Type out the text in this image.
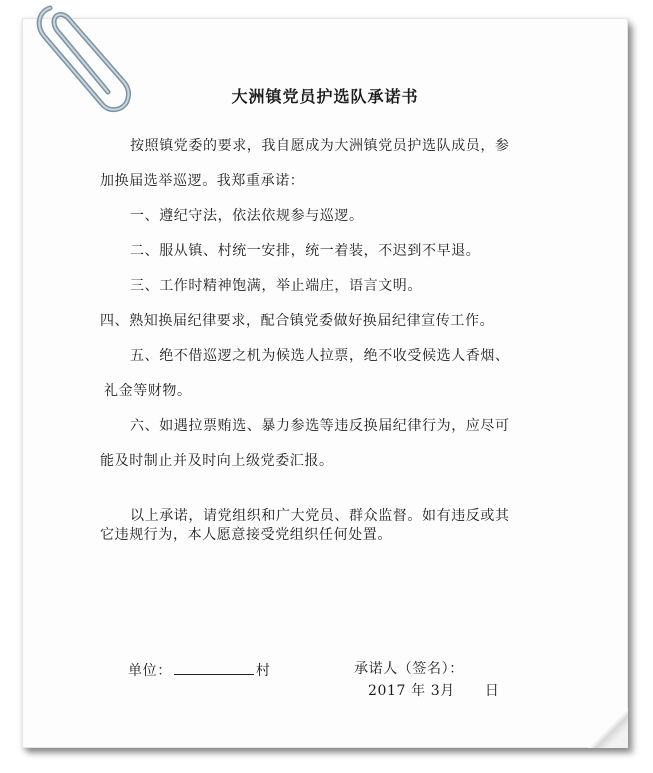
大洲镇党员护选队承诺书
按照镇党委的要求，我自愿成为大洲镇党员护选队成员，参
加换届选举巡逻。我郑重承诺：
一、遵纪守法，依法依规参与巡逻。
二、服从镇、村统一安排，统一着装，不迟到不早退。
三、工作时精神饱满，举止端庄，语言文明。
四、熟知换届纪律要求，配合镇党委做好换届纪律宣传工作。
五、绝不借巡逻之机为候选人拉票，绝不收受候选人香烟、
礼金等财物。
六、如遇拉票贿选、暴力参选等违反换届纪律行为，应尽可
能及时制止并及时向上级党委汇报。
以上承诺，请党组织和广大党员、群众监督。如有违反或其
它违规行为，本人愿意接受党组织任何处置。
单位：	村	承诺人（签名）：
2017 年 3月 日
